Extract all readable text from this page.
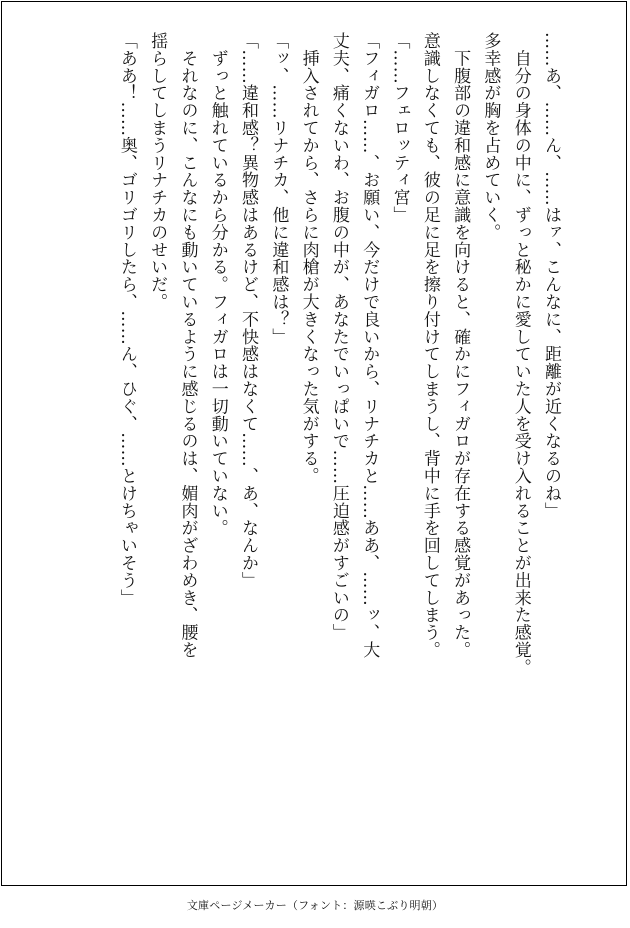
……あ、……ん、……はァ、こんなに、距離が近くなるのね」

　自分の身体の中に、ずっと秘かに愛していた人を受け入れることが出来た感覚。

多幸感が胸を占めていく。

　下腹部の違和感に意識を向けると、確かにフィガロが存在する感覚があった。

意識しなくても、彼の足に足を擦り付けてしまうし、背中に手を回してしまう。

「……フェロッティ宮」

「フィガロ……、お願い、今だけで良いから、リナチカと……ああ、……ッ、大

丈夫、痛くないわ、お腹の中が、あなたでいっぱいで……圧迫感がすごいの」

　挿入されてから、さらに肉槍が大きくなった気がする。

「ッ、……リナチカ、他に違和感は？」

「……違和感？異物感はあるけど、不快感はなくて……、あ、なんか」

　ずっと触れているから分かる。フィガロは一切動いていない。

　それなのに、こんなにも動いているように感じるのは、媚肉がざわめき、腰を

揺らしてしまうリナチカのせいだ。

「ああ！……奥、ゴリゴリしたら、……ん、ひぐ、……とけちゃいそう」

文庫ページメーカー（フォント：源暎こぶり明朝）
